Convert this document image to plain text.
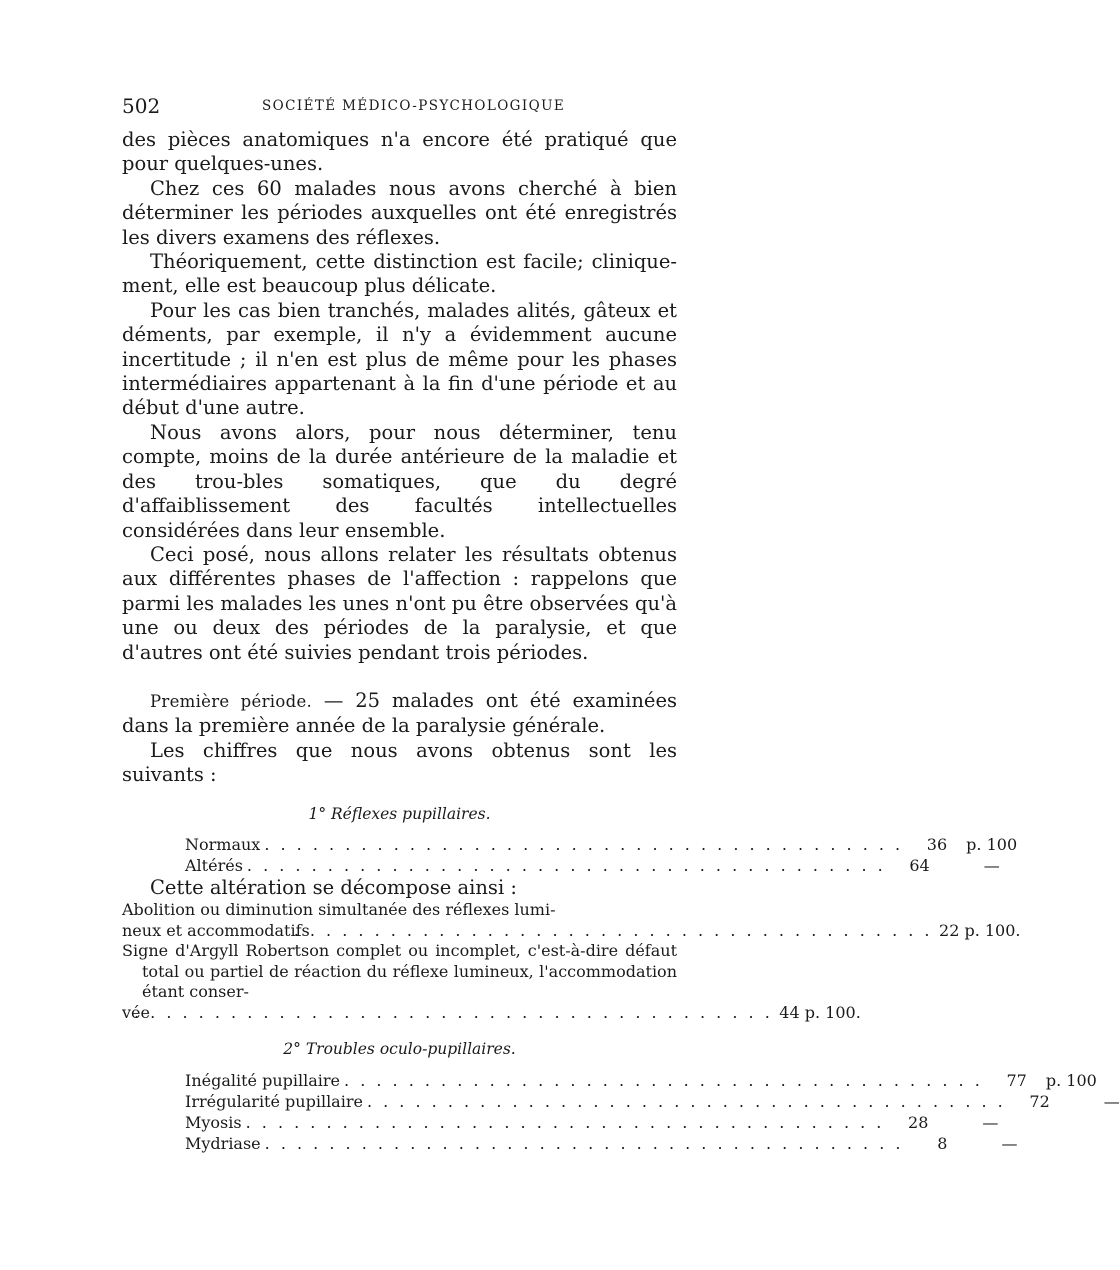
502	SOCIÉTÉ MÉDICO-PSYCHOLOGIQUE

des pièces anatomiques n'a encore été pratiqué que pour quelques-unes.

Chez ces 60 malades nous avons cherché à bien déterminer les périodes auxquelles ont été enregistrés les divers examens des réflexes.

Théoriquement, cette distinction est facile; clinique-ment, elle est beaucoup plus délicate.

Pour les cas bien tranchés, malades alités, gâteux et déments, par exemple, il n'y a évidemment aucune incertitude ; il n'en est plus de même pour les phases intermédiaires appartenant à la fin d'une période et au début d'une autre.

Nous avons alors, pour nous déterminer, tenu compte, moins de la durée antérieure de la maladie et des trou-bles somatiques, que du degré d'affaiblissement des facultés intellectuelles considérées dans leur ensemble.

Ceci posé, nous allons relater les résultats obtenus aux différentes phases de l'affection : rappelons que parmi les malades les unes n'ont pu être observées qu'à une ou deux des périodes de la paralysie, et que d'autres ont été suivies pendant trois périodes.

Première période. — 25 malades ont été examinées dans la première année de la paralysie générale.

Les chiffres que nous avons obtenus sont les suivants :

1° Réflexes pupillaires.
Normaux . . .	36	p. 100
Altérés . . .	64	—

Cette altération se décompose ainsi :

Abolition ou diminution simultanée des réflexes lumi-
neux et accommodatifs . . .	22 p. 100.
Signe d'Argyll Robertson complet ou incomplet, c'est-à-dire défaut total ou partiel de réaction du réflexe lumineux, l'accommodation étant conser-
vée . . .	44 p. 100.
2° Troubles oculo-pupillaires.
Inégalité pupillaire . . .	77	p. 100
Irrégularité pupillaire . . .	72	—
Myosis . . .	28	—
Mydriase . . .	8	—
